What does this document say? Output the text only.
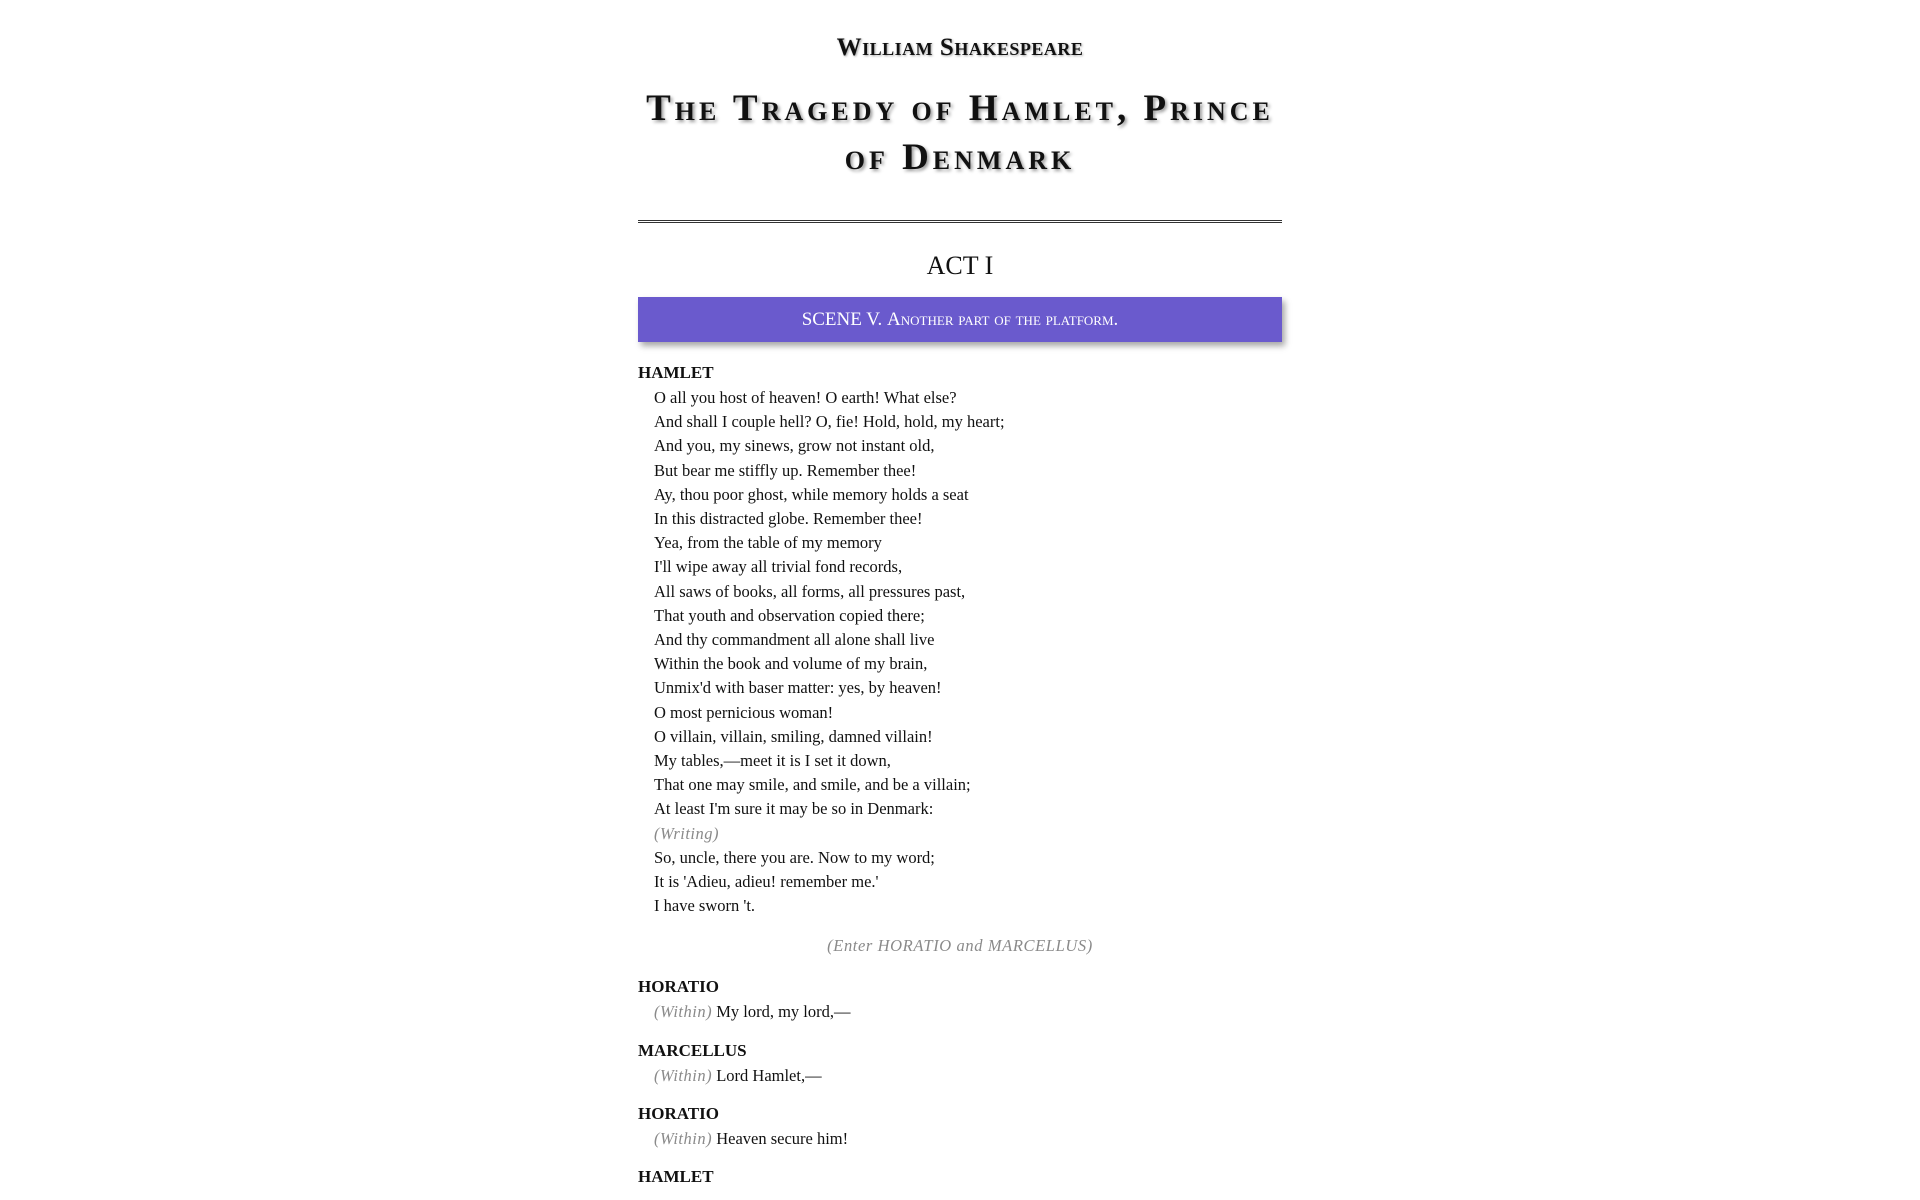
William Shakespeare
The Tragedy of Hamlet, Prince of Denmark
ACT I
SCENE V. Another part of the platform.
HAMLET
O all you host of heaven! O earth! What else?
And shall I couple hell? O, fie! Hold, hold, my heart;
And you, my sinews, grow not instant old,
But bear me stiffly up. Remember thee!
Ay, thou poor ghost, while memory holds a seat
In this distracted globe. Remember thee!
Yea, from the table of my memory
I'll wipe away all trivial fond records,
All saws of books, all forms, all pressures past,
That youth and observation copied there;
And thy commandment all alone shall live
Within the book and volume of my brain,
Unmix'd with baser matter: yes, by heaven!
O most pernicious woman!
O villain, villain, smiling, damned villain!
My tables,—meet it is I set it down,
That one may smile, and smile, and be a villain;
At least I'm sure it may be so in Denmark:
(Writing)
So, uncle, there you are. Now to my word;
It is 'Adieu, adieu! remember me.'
I have sworn 't.
(Enter HORATIO and MARCELLUS)
HORATIO
(Within) My lord, my lord,—
MARCELLUS
(Within) Lord Hamlet,—
HORATIO
(Within) Heaven secure him!
HAMLET
